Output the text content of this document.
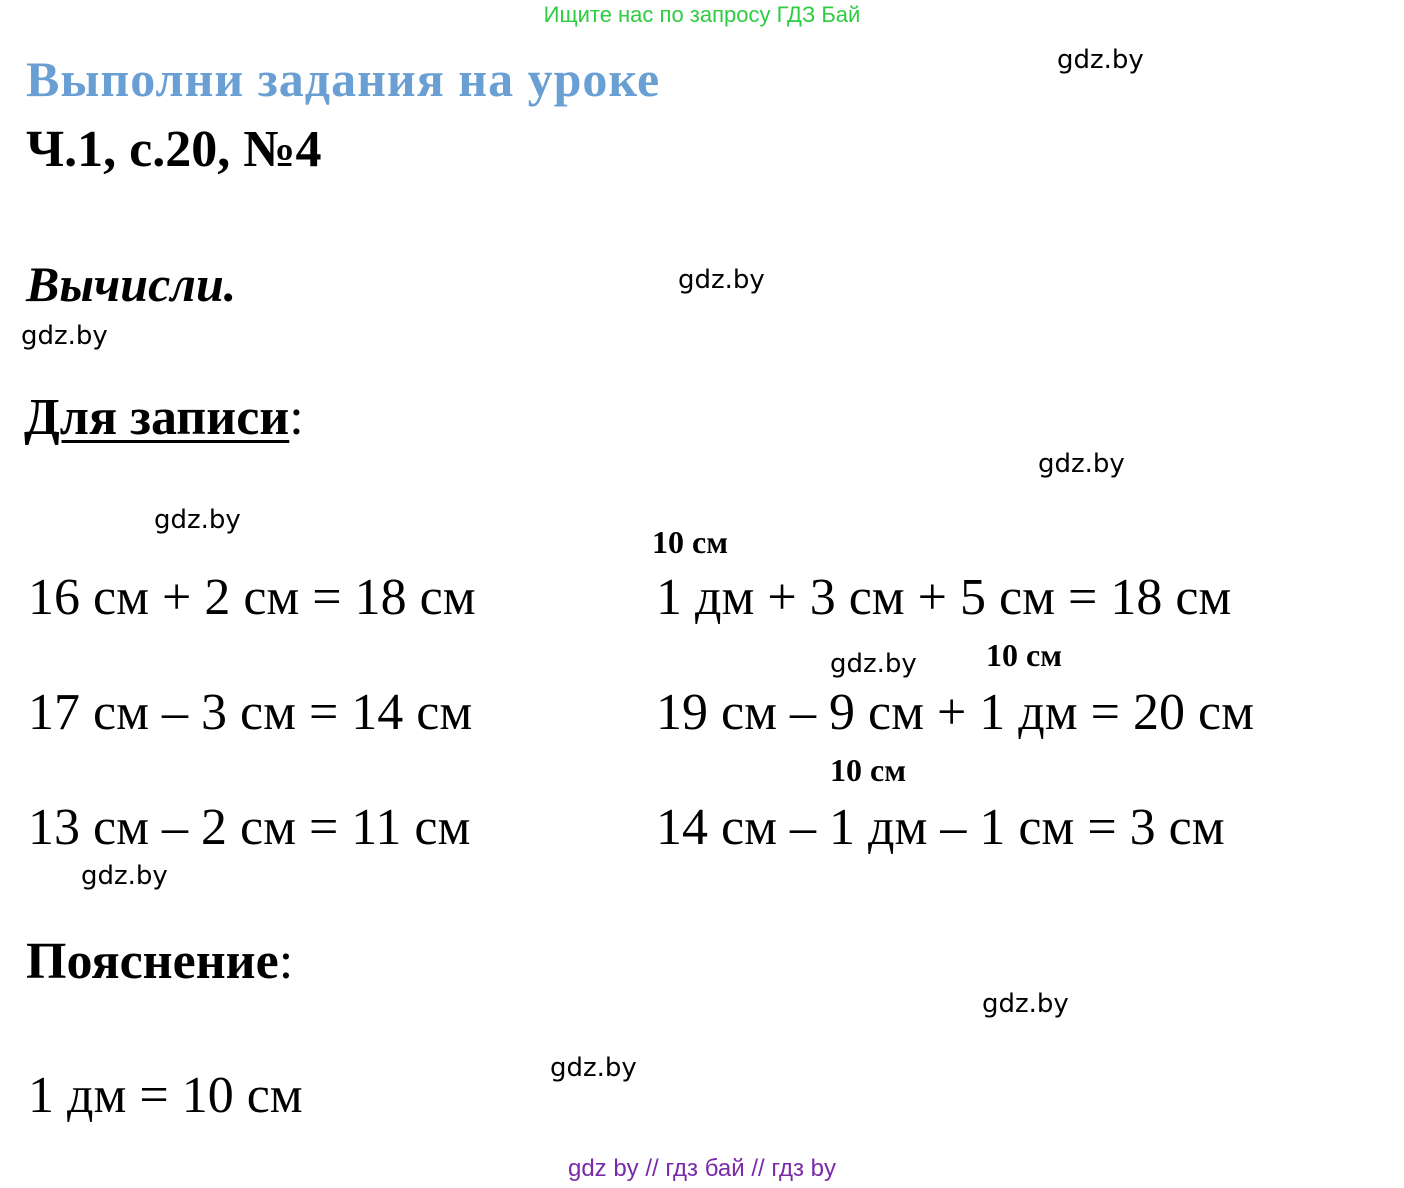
Ищите нас по запросу ГДЗ Бай
Выполни задания на уроке
Ч.1, с.20, №4
Вычисли.
Для записи:
10 см
10 см
10 см
16 см + 2 см = 18 см
17 см – 3 см = 14 см
13 см – 2 см = 11 см
1 дм + 3 см + 5 см = 18 см
19 см – 9 см + 1 дм = 20 см
14 см – 1 дм – 1 см = 3 см
Пояснение:
1 дм = 10 см
gdz.by
gdz.by
gdz.by
gdz.by
gdz.by
gdz.by
gdz.by
gdz.by
gdz.by
gdz by // гдз бай // гдз by
